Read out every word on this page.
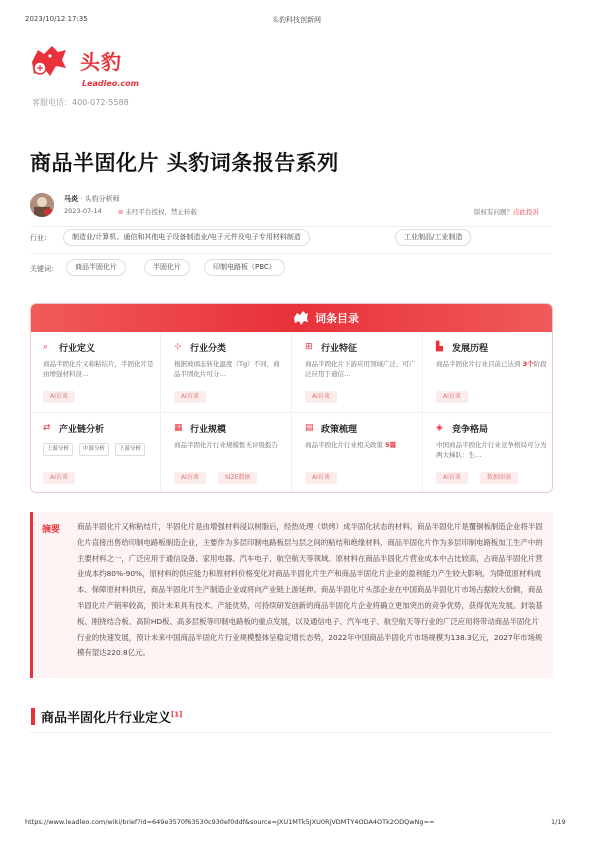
2023/10/12 17:35	头豹科技创新网
头豹
Leadleo.com
客服电话：400-072-5588
商品半固化片 头豹词条报告系列
马炎 · 头豹分析师
2023-07-14 ⊘ 未经平台授权，禁止转载	版权有问题？点此投诉
行业：	制造业/计算机、通信和其他电子设备制造业/电子元件及电子专用材料制造	工业制品/工业制造
关键词：	商品半固化片	半固化片	印制电路板（PBC）
词条目录
⌕ 行业定义
商品半固化片又称粘结片，半固化片是由增强材料浸…
AI访谈
⊹ 行业分类
根据玻璃态转化温度（Tg）不同，商品半固化片可分…
AI访谈
⊞ 行业特征
商品半固化片下游应用领域广泛，可广泛应用于通信…
AI访谈
▙ 发展历程
商品半固化片行业目前已达到 3个阶段
AI访谈
⇄ 产业链分析
上游分析	中游分析	下游分析
AI访谈
▦ 行业规模
商品半固化片行业规模暂无评级报告
AI访谈	SIZE数据
▤ 政策梳理
商品半固化片行业相关政策 5篇
AI访谈
◈ 竞争格局
中国商品半固化片行业竞争格局可分为两大梯队：生…
AI访谈	数据图表
摘要 商品半固化片又称粘结片，半固化片是由增强材料浸以树脂后，经热处理（烘烤）成半固化状态的材料。商品半固化片是覆铜板制造企业将半固化片直接出售给印制电路板制造企业，主要作为多层印制电路板层与层之间的粘结和绝缘材料，商品半固化片作为多层印制电路板加工生产中的主要材料之一，广泛应用于通信设备、家用电器、汽车电子、航空航天等领域。原材料在商品半固化片营业成本中占比较高，占商品半固化片营业成本约80%-90%，原材料的供应能力和原材料价格变化对商品半固化片生产和商品半固化片企业的盈利能力产生较大影响，为降低原材料成本、保障原材料供应，商品半固化片生产制造企业或将向产业链上游延伸。商品半固化片头部企业在中国商品半固化片市场占据较大份额，商品半固化片产销率较高，预计未来具有技术、产能优势，可持续研发创新的商品半固化片企业将确立更加突出的竞争优势，获得优先发展。封装基板、刚挠结合板、高阶HD板、高多层板等印制电路板的重点发展，以及通信电子、汽车电子、航空航天等行业的广泛应用将带动商品半固化片行业的快速发展，预计未来中国商品半固化片行业规模整体呈稳定增长态势，2022年中国商品半固化片市场规模为138.3亿元，2027年市场规模有望达220.8亿元。
商品半固化片行业定义[1]
https://www.leadleo.com/wiki/brief?id=649e3570f63530c930ef0ddf&source=JXU1MTk5JXU0RjVDMTY4ODA4OTk2ODQwNg==	1/19
